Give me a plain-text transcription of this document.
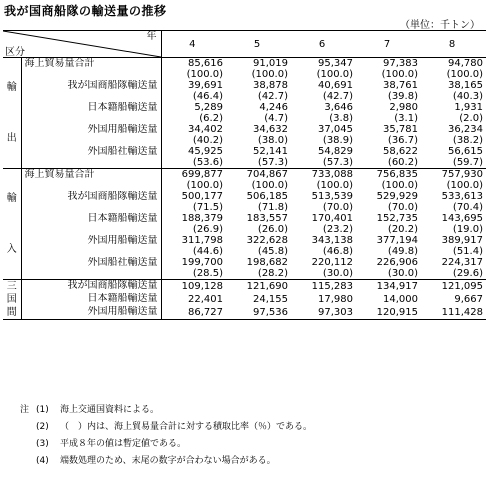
我が国商船隊の輸送量の推移
（単位：千トン）
年
区分		4	5	6	7	8

輸
出	海上貿易量合計	85,616	91,019	95,347	97,383	94,780
		(100.0)	(100.0)	(100.0)	(100.0)	(100.0)
	我が国商船隊輸送量	39,691	38,878	40,691	38,761	38,165
		(46.4)	(42.7)	(42.7)	(39.8)	(40.3)
	日本籍船輸送量	5,289	4,246	3,646	2,980	1,931
		(6.2)	(4.7)	(3.8)	(3.1)	(2.0)
	外国用船輸送量	34,402	34,632	37,045	35,781	36,234
		(40.2)	(38.0)	(38.9)	(36.7)	(38.2)
	外国船社輸送量	45,925	52,141	54,829	58,622	56,615
		(53.6)	(57.3)	(57.3)	(60.2)	(59.7)

輸
入	海上貿易量合計	699,877	704,867	733,088	756,835	757,930
		(100.0)	(100.0)	(100.0)	(100.0)	(100.0)
	我が国商船隊輸送量	500,177	506,185	513,539	529,929	533,613
		(71.5)	(71.8)	(70.0)	(70.0)	(70.4)
	日本籍船輸送量	188,379	183,557	170,401	152,735	143,695
		(26.9)	(26.0)	(23.2)	(20.2)	(19.0)
	外国用船輸送量	311,798	322,628	343,138	377,194	389,917
		(44.6)	(45.8)	(46.8)	(49.8)	(51.4)
	外国船社輸送量	199,700	198,682	220,112	226,906	224,317
		(28.5)	(28.2)	(30.0)	(30.0)	(29.6)

三
国
間	我が国商船隊輸送量	109,128	121,690	115,283	134,917	121,095
	日本籍船輸送量	22,401	24,155	17,980	14,000	9,667
	外国用船輸送量	86,727	97,536	97,303	120,915	111,428
注 (1) 海上交通国資料による。
(2) （　）内は、海上貿易量合計に対する積取比率（％）である。
(3) 平成８年の値は暫定値である。
(4) 端数処理のため、末尾の数字が合わない場合がある。
